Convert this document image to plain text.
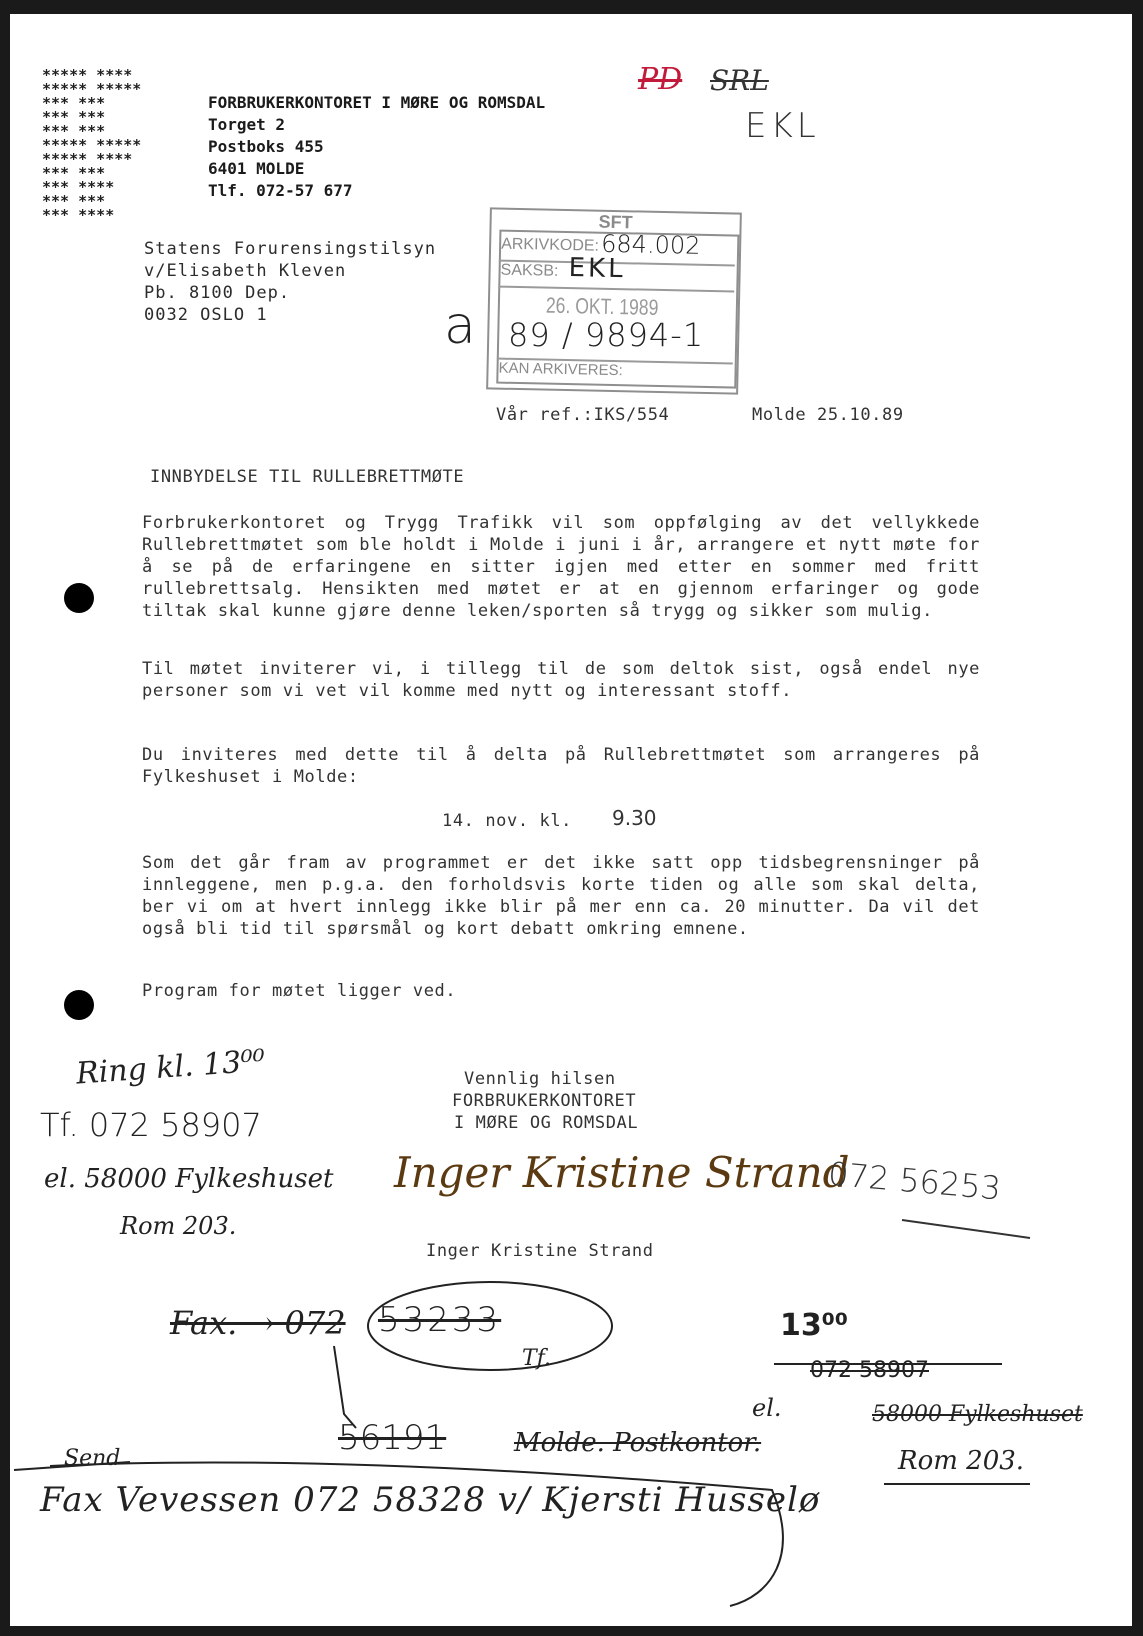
***** ****
***** *****
*** ***
*** ***
*** ***
***** *****
***** ****
*** ***
*** ****
*** ***
*** ****
FORBRUKERKONTORET I MØRE OG ROMSDAL
Torget 2
Postboks 455
6401 MOLDE
Tlf. 072-57 677
PD SRL
EKL
Statens Forurensingstilsyn
v/Elisabeth Kleven
Pb. 8100 Dep.
0032 OSLO 1
SFT
ARKIVKODE: 684.002
SAKSB: EKL
26. OKT. 1989
KAN ARKIVERES:
a 89 / 9894-1
Vår ref.:IKS/554	Molde 25.10.89
INNBYDELSE TIL RULLEBRETTMØTE
Forbrukerkontoret og Trygg Trafikk vil som oppfølging av det vellykkede Rullebrettmøtet som ble holdt i Molde i juni i år, arrangere et nytt møte for å se på de erfaringene en sitter igjen med etter en sommer med fritt rullebrettsalg. Hensikten med møtet er at en gjennom erfaringer og gode tiltak skal kunne gjøre denne leken/sporten så trygg og sikker som mulig.
Til møtet inviterer vi, i tillegg til de som deltok sist, også endel nye personer som vi vet vil komme med nytt og interessant stoff.
Du inviteres med dette til å delta på Rullebrettmøtet som arrangeres på Fylkeshuset i Molde:
14. nov. kl. 9.30
Som det går fram av programmet er det ikke satt opp tidsbegrensninger på innleggene, men p.g.a. den forholdsvis korte tiden og alle som skal delta, ber vi om at hvert innlegg ikke blir på mer enn ca. 20 minutter. Da vil det også bli tid til spørsmål og kort debatt omkring emnene.
Program for møtet ligger ved.
Vennlig hilsen
FORBRUKERKONTORET
I MØRE OG ROMSDAL
Inger Kristine Strand
072 56253
Inger Kristine Strand
Ring kl. 13⁰⁰
Tf. 072 58907
el. 58000 Fylkeshuset
Rom 203.
Fax. → 072 53233
Tf.
56191	Molde. Postkontor.
Send
Fax Vevessen 072 58328 v/ Kjersti Husselø
13⁰⁰
072 58907
el.	58000 Fylkeshuset
Rom 203.
